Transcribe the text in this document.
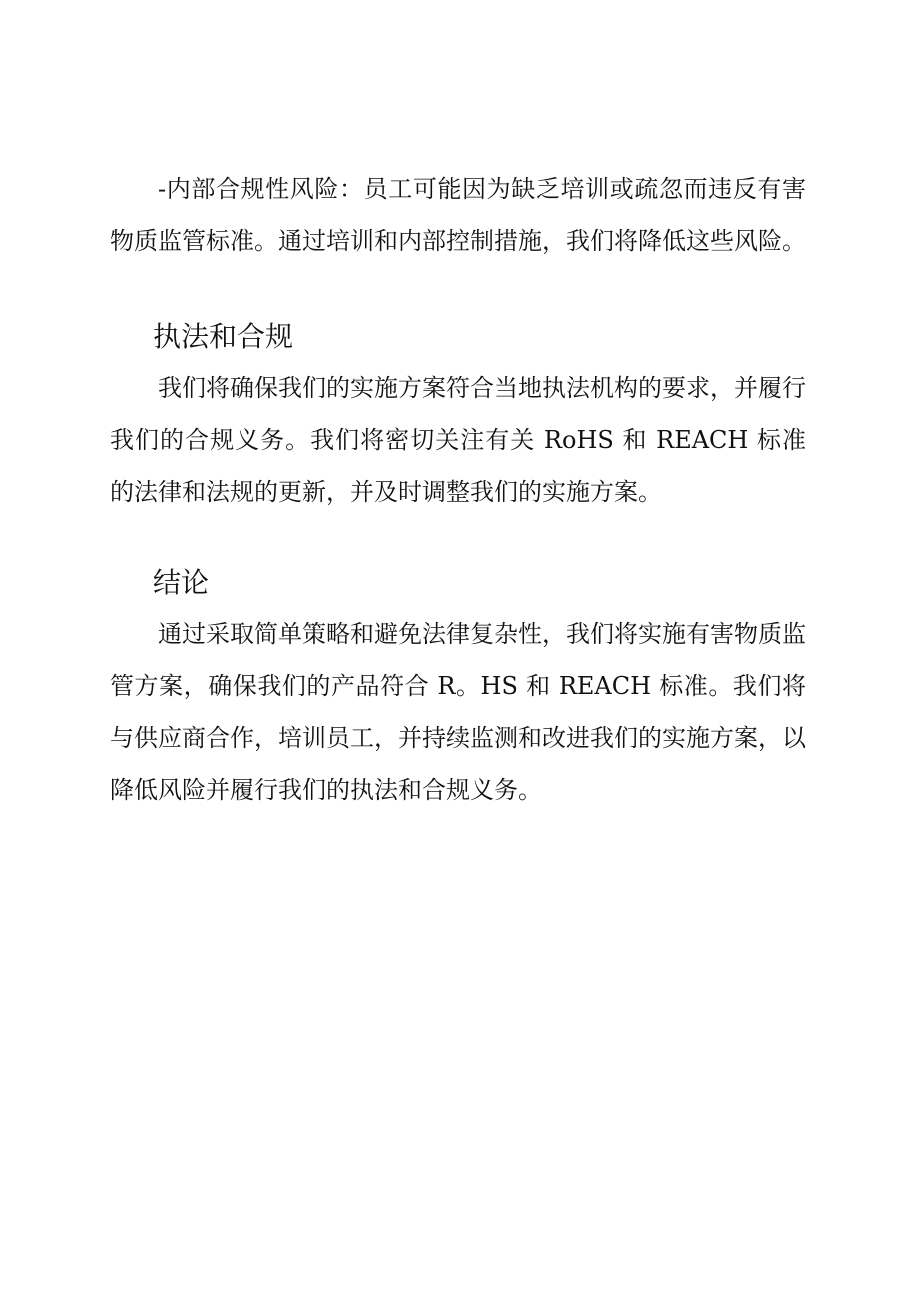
-内部合规性风险：员工可能因为缺乏培训或疏忽而违反有害物质监管标准。通过培训和内部控制措施，我们将降低这些风险。

执法和合规

我们将确保我们的实施方案符合当地执法机构的要求，并履行我们的合规义务。我们将密切关注有关 RoHS 和 REACH 标准的法律和法规的更新，并及时调整我们的实施方案。

结论

通过采取简单策略和避免法律复杂性，我们将实施有害物质监管方案，确保我们的产品符合 R。HS 和 REACH 标准。我们将与供应商合作，培训员工，并持续监测和改进我们的实施方案，以降低风险并履行我们的执法和合规义务。
